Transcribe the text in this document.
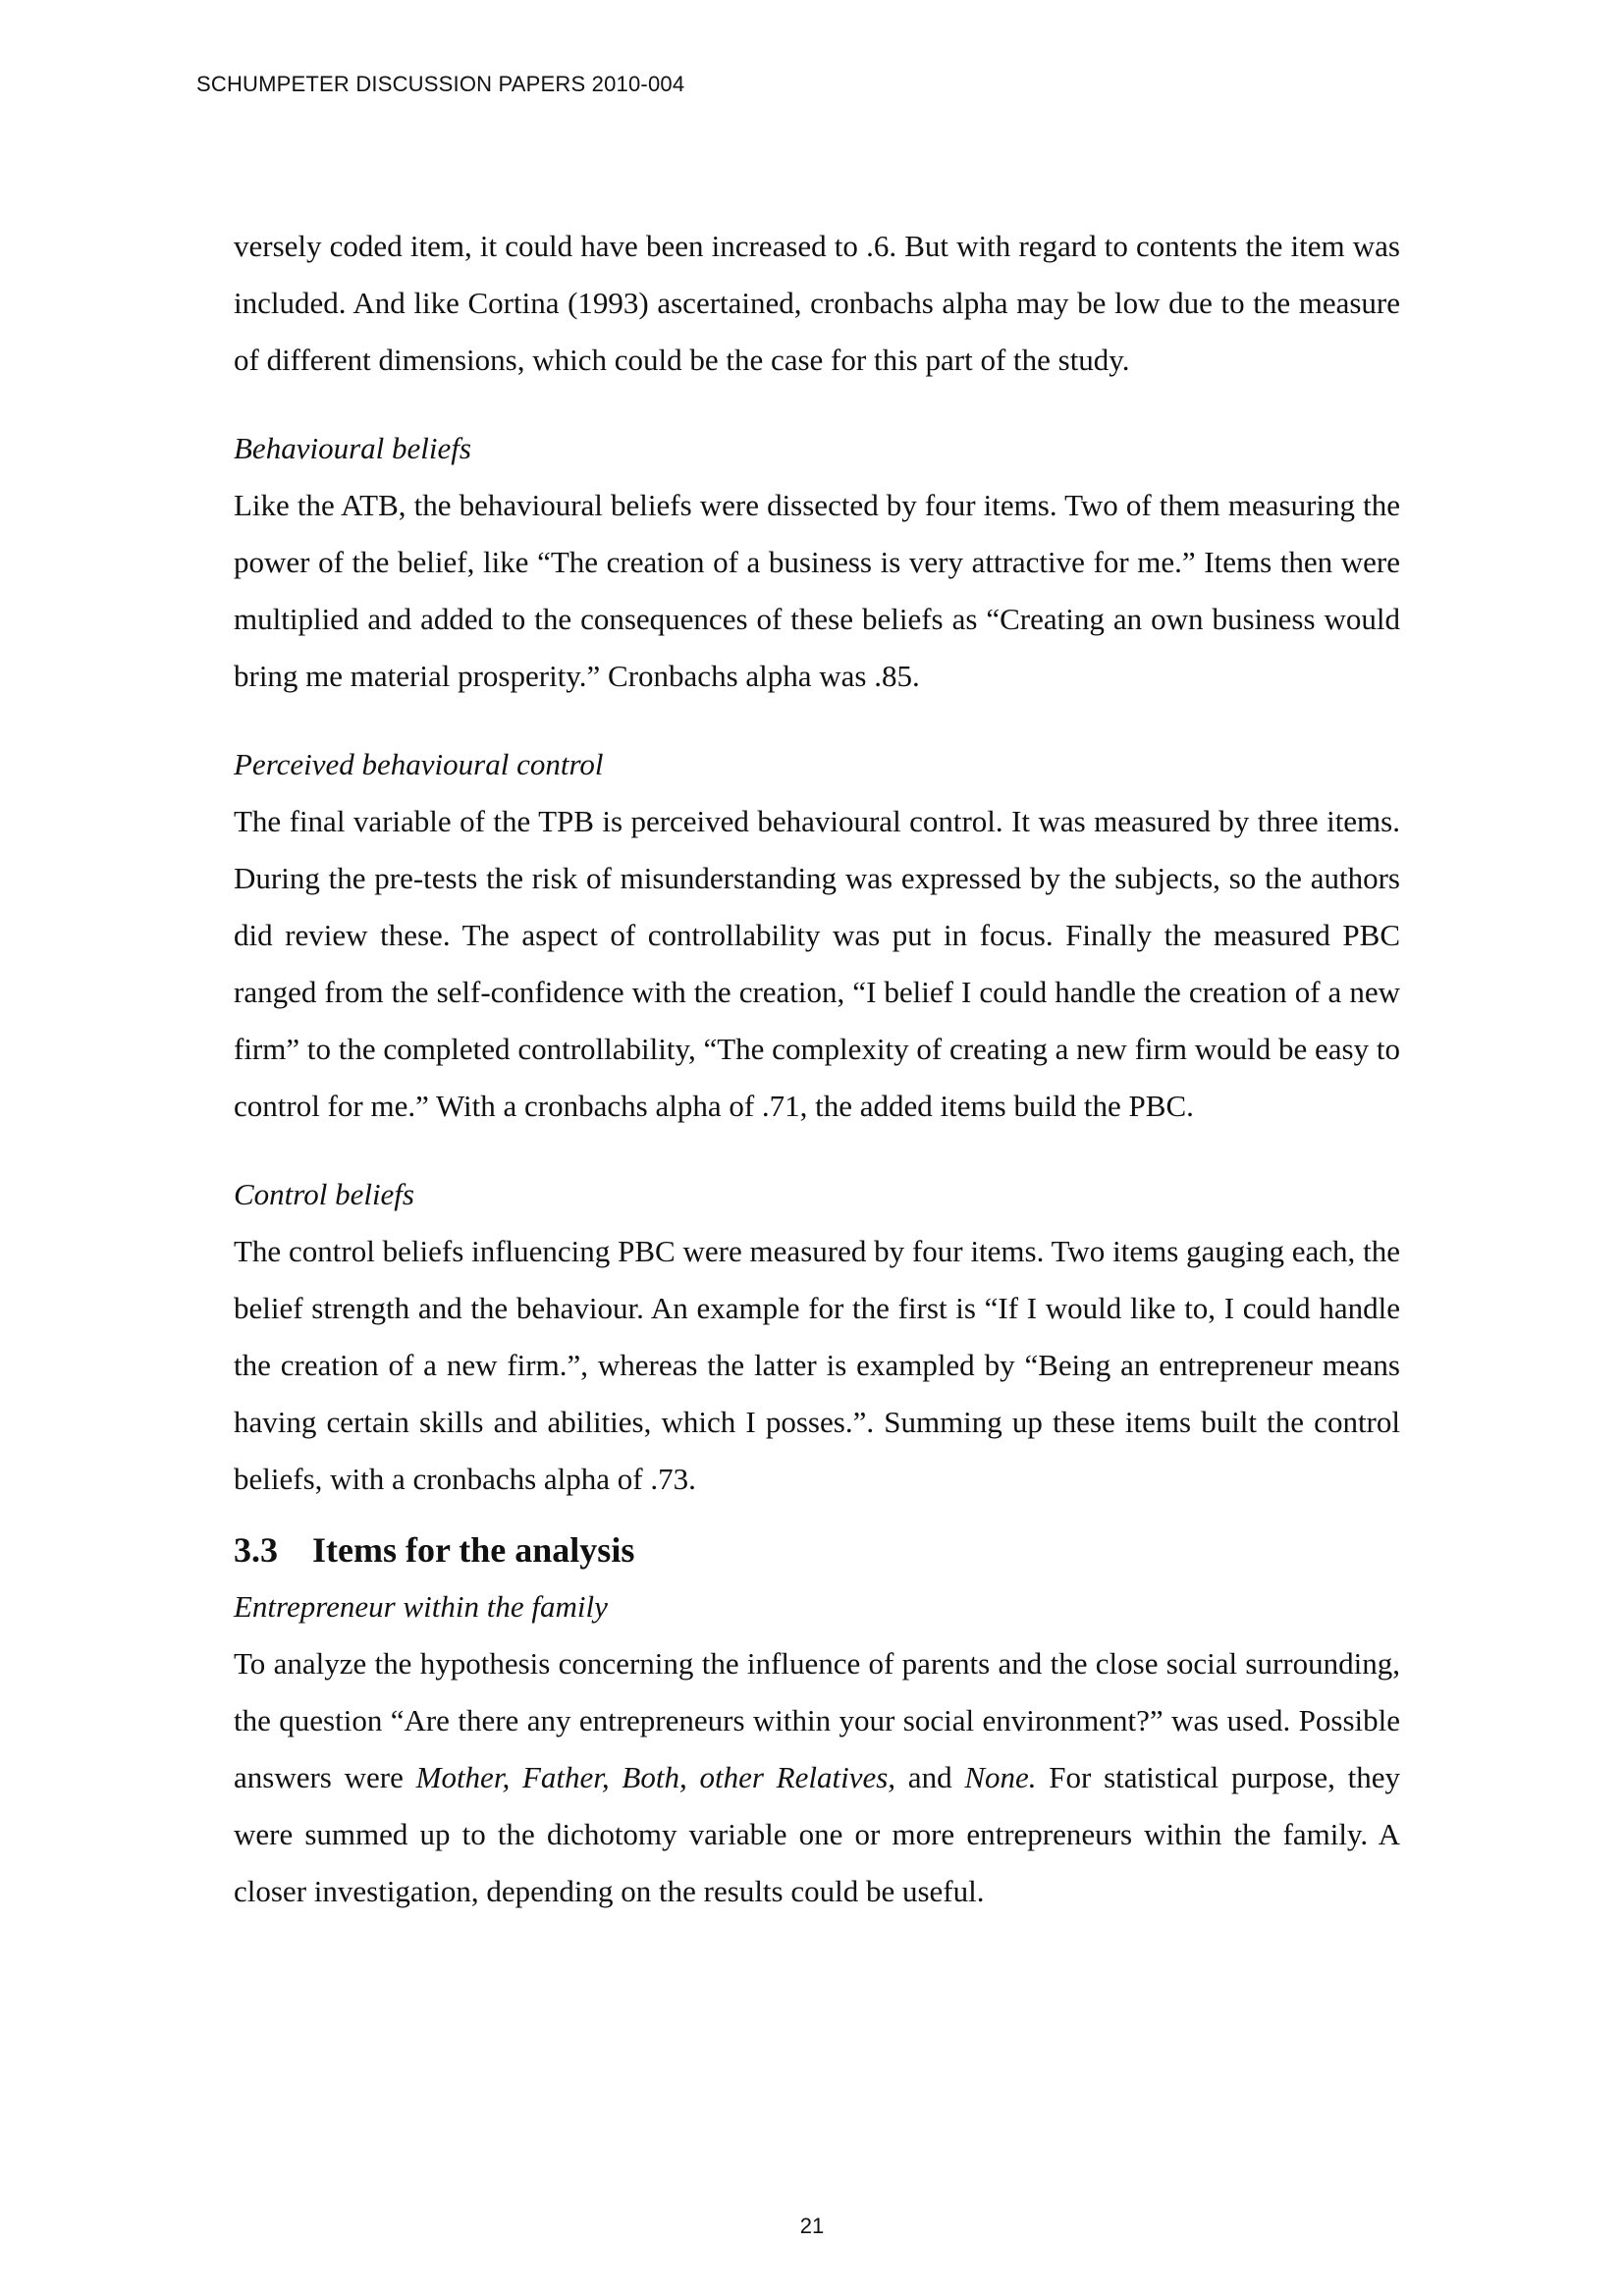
SCHUMPETER DISCUSSION PAPERS 2010-004

versely coded item, it could have been increased to .6. But with regard to contents the item was included. And like Cortina (1993) ascertained, cronbachs alpha may be low due to the measure of different dimensions, which could be the case for this part of the study.

Behavioural beliefs

Like the ATB, the behavioural beliefs were dissected by four items. Two of them measuring the power of the belief, like “The creation of a business is very attractive for me.” Items then were multiplied and added to the consequences of these beliefs as “Creating an own business would bring me material prosperity.” Cronbachs alpha was .85.

Perceived behavioural control

The final variable of the TPB is perceived behavioural control. It was measured by three items. During the pre-tests the risk of misunderstanding was expressed by the subjects, so the authors did review these. The aspect of controllability was put in focus. Finally the measured PBC ranged from the self-confidence with the creation, “I belief I could handle the creation of a new firm” to the completed controllability, “The complexity of creating a new firm would be easy to control for me.” With a cronbachs alpha of .71, the added items build the PBC.

Control beliefs

The control beliefs influencing PBC were measured by four items. Two items gauging each, the belief strength and the behaviour. An example for the first is “If I would like to, I could handle the creation of a new firm.”, whereas the latter is exampled by “Being an entrepreneur means having certain skills and abilities, which I posses.”. Summing up these items built the control beliefs, with a cronbachs alpha of .73.

3.3 Items for the analysis

Entrepreneur within the family

To analyze the hypothesis concerning the influence of parents and the close social surrounding, the question “Are there any entrepreneurs within your social environment?” was used. Possible answers were Mother, Father, Both, other Relatives, and None. For statistical purpose, they were summed up to the dichotomy variable one or more entrepreneurs within the family. A closer investigation, depending on the results could be useful.

21
